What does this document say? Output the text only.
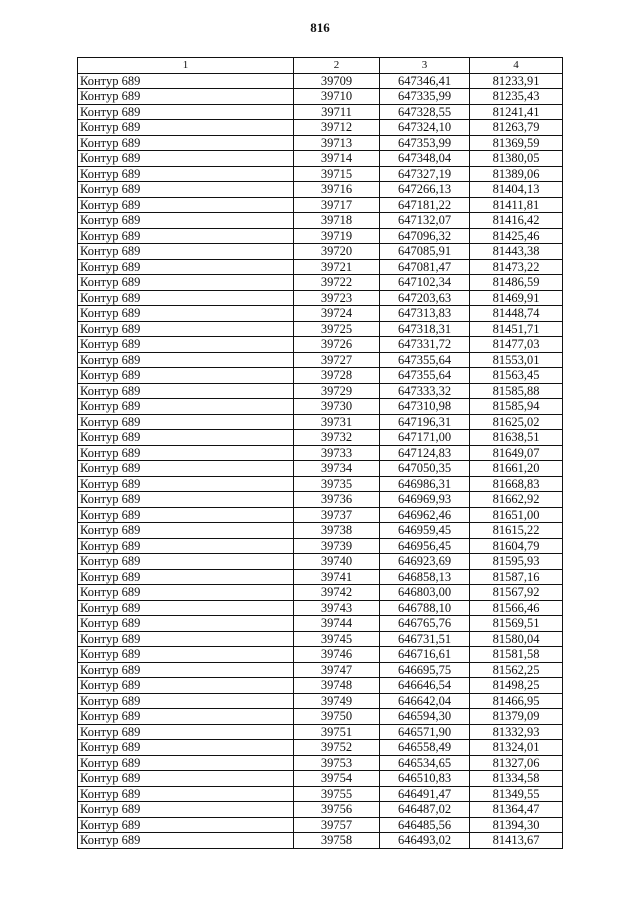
816
1	2	3	4
Контур 689	39709	647346,41	81233,91
Контур 689	39710	647335,99	81235,43
Контур 689	39711	647328,55	81241,41
Контур 689	39712	647324,10	81263,79
Контур 689	39713	647353,99	81369,59
Контур 689	39714	647348,04	81380,05
Контур 689	39715	647327,19	81389,06
Контур 689	39716	647266,13	81404,13
Контур 689	39717	647181,22	81411,81
Контур 689	39718	647132,07	81416,42
Контур 689	39719	647096,32	81425,46
Контур 689	39720	647085,91	81443,38
Контур 689	39721	647081,47	81473,22
Контур 689	39722	647102,34	81486,59
Контур 689	39723	647203,63	81469,91
Контур 689	39724	647313,83	81448,74
Контур 689	39725	647318,31	81451,71
Контур 689	39726	647331,72	81477,03
Контур 689	39727	647355,64	81553,01
Контур 689	39728	647355,64	81563,45
Контур 689	39729	647333,32	81585,88
Контур 689	39730	647310,98	81585,94
Контур 689	39731	647196,31	81625,02
Контур 689	39732	647171,00	81638,51
Контур 689	39733	647124,83	81649,07
Контур 689	39734	647050,35	81661,20
Контур 689	39735	646986,31	81668,83
Контур 689	39736	646969,93	81662,92
Контур 689	39737	646962,46	81651,00
Контур 689	39738	646959,45	81615,22
Контур 689	39739	646956,45	81604,79
Контур 689	39740	646923,69	81595,93
Контур 689	39741	646858,13	81587,16
Контур 689	39742	646803,00	81567,92
Контур 689	39743	646788,10	81566,46
Контур 689	39744	646765,76	81569,51
Контур 689	39745	646731,51	81580,04
Контур 689	39746	646716,61	81581,58
Контур 689	39747	646695,75	81562,25
Контур 689	39748	646646,54	81498,25
Контур 689	39749	646642,04	81466,95
Контур 689	39750	646594,30	81379,09
Контур 689	39751	646571,90	81332,93
Контур 689	39752	646558,49	81324,01
Контур 689	39753	646534,65	81327,06
Контур 689	39754	646510,83	81334,58
Контур 689	39755	646491,47	81349,55
Контур 689	39756	646487,02	81364,47
Контур 689	39757	646485,56	81394,30
Контур 689	39758	646493,02	81413,67
